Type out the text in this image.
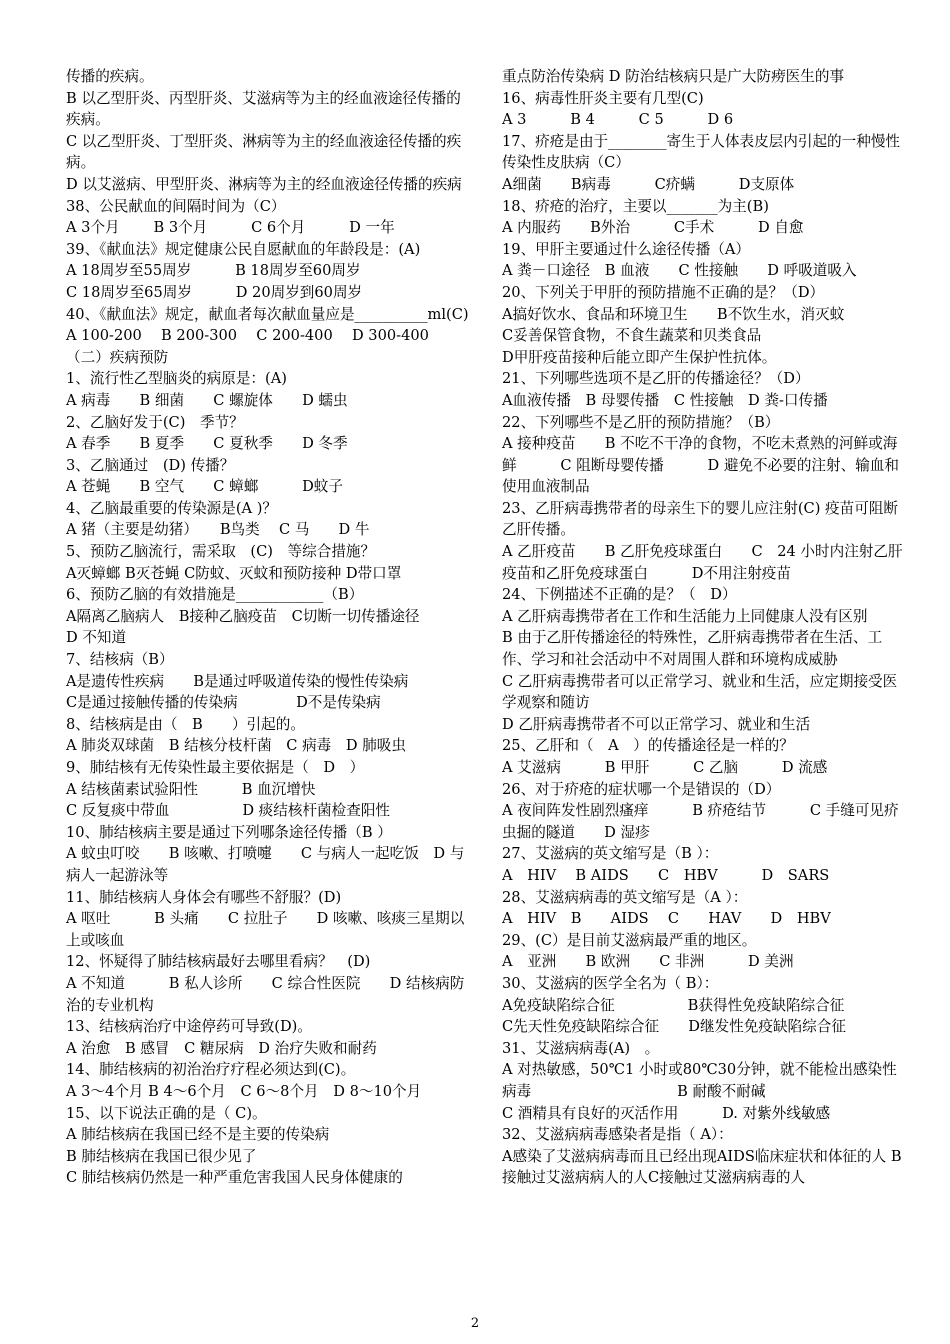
传播的疾病。
B 以乙型肝炎、丙型肝炎、艾滋病等为主的经血液途径传播的疾病。
C 以乙型肝炎、丁型肝炎、淋病等为主的经血液途径传播的疾病。
D 以艾滋病、甲型肝炎、淋病等为主的经血液途径传播的疾病
38、公民献血的间隔时间为（C）
A 3个月　　 B 3个月　　　C 6个月　　　D 一年
39、《献血法》规定健康公民自愿献血的年龄段是：(A)
A 18周岁至55周岁　　　B 18周岁至60周岁
C 18周岁至65周岁　　　D 20周岁到60周岁
40、《献血法》规定，献血者每次献血量应是__________ml(C)
A 100-200　 B 200-300　 C 200-400　 D 300-400
（二）疾病预防
1、流行性乙型脑炎的病原是：(A)
A 病毒　　B 细菌　　C 螺旋体　　D 蠕虫
2、乙脑好发于(C)　季节？
A 春季　　B 夏季　　C 夏秋季　　D 冬季
3、乙脑通过　(D) 传播？
A 苍蝇　　B 空气　　C 蟑螂　　　D蚊子
4、乙脑最重要的传染源是(A )？
A 猪（主要是幼猪）　　B鸟类　 C 马　　D 牛
5、预防乙脑流行，需采取　(C)　等综合措施？
A灭蟑螂 B灭苍蝇 C防蚊、灭蚊和预防接种 D带口罩
6、预防乙脑的有效措施是____________（B）
A隔离乙脑病人　B接种乙脑疫苗　C切断一切传播途径
D 不知道
7、结核病（B）
A是遗传性疾病　　B是通过呼吸道传染的慢性传染病
C是通过接触传播的传染病　　　　D不是传染病
8、结核病是由（　B　　）引起的。
A 肺炎双球菌　B 结核分枝杆菌　C 病毒　D 肺吸虫
9、肺结核有无传染性最主要依据是（　D　）
A 结核菌素试验阳性　　　B 血沉增快
C 反复痰中带血　　　　　D 痰结核杆菌检查阳性
10、肺结核病主要是通过下列哪条途径传播（B ）
A 蚊虫叮咬　　B 咳嗽、打喷嚏　　C 与病人一起吃饭　D 与病人一起游泳等
11、肺结核病人身体会有哪些不舒服？(D)
A 呕吐　　　B 头痛　　C 拉肚子　　D 咳嗽、咳痰三星期以上或咳血
12、怀疑得了肺结核病最好去哪里看病？　(D)
A 不知道　　　B 私人诊所　　C 综合性医院　　D 结核病防治的专业机构
13、结核病治疗中途停药可导致(D)。
A 治愈　B 感冒　C 糖尿病　D 治疗失败和耐药
14、肺结核病的初治治疗疗程必须达到(C)。
A 3～4个月 B 4～6个月　C 6～8个月　D 8～10个月
15、以下说法正确的是（ C)。
A 肺结核病在我国已经不是主要的传染病
B 肺结核病在我国已很少见了
C 肺结核病仍然是一种严重危害我国人民身体健康的
重点防治传染病 D 防治结核病只是广大防痨医生的事
16、病毒性肝炎主要有几型(C)
A 3　　　B 4　　　C 5　　　D 6
17、疥疮是由于________寄生于人体表皮层内引起的一种慢性传染性皮肤病（C）
A细菌　　B病毒　　　C疥螨　　　D支原体
18、疥疮的治疗，主要以_______为主(B)
A 内服药　　B外治　　　C手术　　　D 自愈
19、甲肝主要通过什么途径传播（A）
A 粪－口途径　B 血液　　C 性接触　　D 呼吸道吸入
20、下列关于甲肝的预防措施不正确的是？（D）
A搞好饮水、食品和环境卫生　　B不饮生水，消灭蚊
C妥善保管食物，不食生蔬菜和贝类食品
D甲肝疫苗接种后能立即产生保护性抗体。
21、下列哪些选项不是乙肝的传播途径？（D）
A血液传播　B 母婴传播　C 性接触　D 粪-口传播
22、下列哪些不是乙肝的预防措施？（B）
A 接种疫苗　　B 不吃不干净的食物，不吃未煮熟的河鲜或海鲜　　　C 阻断母婴传播　　　D 避免不必要的注射、输血和使用血液制品
23、乙肝病毒携带者的母亲生下的婴儿应注射(C) 疫苗可阻断乙肝传播。
A 乙肝疫苗　　B 乙肝免疫球蛋白　　C　24 小时内注射乙肝疫苗和乙肝免疫球蛋白　　　D不用注射疫苗
24、下例描述不正确的是？（　D）
A 乙肝病毒携带者在工作和生活能力上同健康人没有区别
B 由于乙肝传播途径的特殊性，乙肝病毒携带者在生活、工作、学习和社会活动中不对周围人群和环境构成威胁
C 乙肝病毒携带者可以正常学习、就业和生活，应定期接受医学观察和随访
D 乙肝病毒携带者不可以正常学习、就业和生活
25、乙肝和（　A　）的传播途径是一样的？
A 艾滋病　　　B 甲肝　　　C 乙脑　　　D 流感
26、对于疥疮的症状哪一个是错误的（D）
A 夜间阵发性剧烈瘙痒　　　B 疥疮结节　　　C 手缝可见疥虫掘的隧道　　D 湿疹
27、艾滋病的英文缩写是（B ）：
A　HIV　 B AIDS　　C　HBV　　　D　SARS
28、艾滋病病毒的英文缩写是（A ）：
A　HIV　B　　AIDS　 C　　HAV　　D　HBV
29、(C）是目前艾滋病最严重的地区。
A　亚洲　　B 欧洲　　C 非洲　　　D 美洲
30、艾滋病的医学全名为（ B）：
A免疫缺陷综合征　　　　　B获得性免疫缺陷综合征
C先天性免疫缺陷综合征　　D继发性免疫缺陷综合征
31、艾滋病病毒(A)　。
A 对热敏感，50℃1 小时或80℃30分钟，就不能检出感染性病毒　　　　　　　　　　B 耐酸不耐碱
C 酒精具有良好的灭活作用　　　D. 对紫外线敏感
32、艾滋病病毒感染者是指（ A）：
A感染了艾滋病病毒而且已经出现AIDS临床症状和体征的人 B接触过艾滋病病人的人C接触过艾滋病病毒的人
2
